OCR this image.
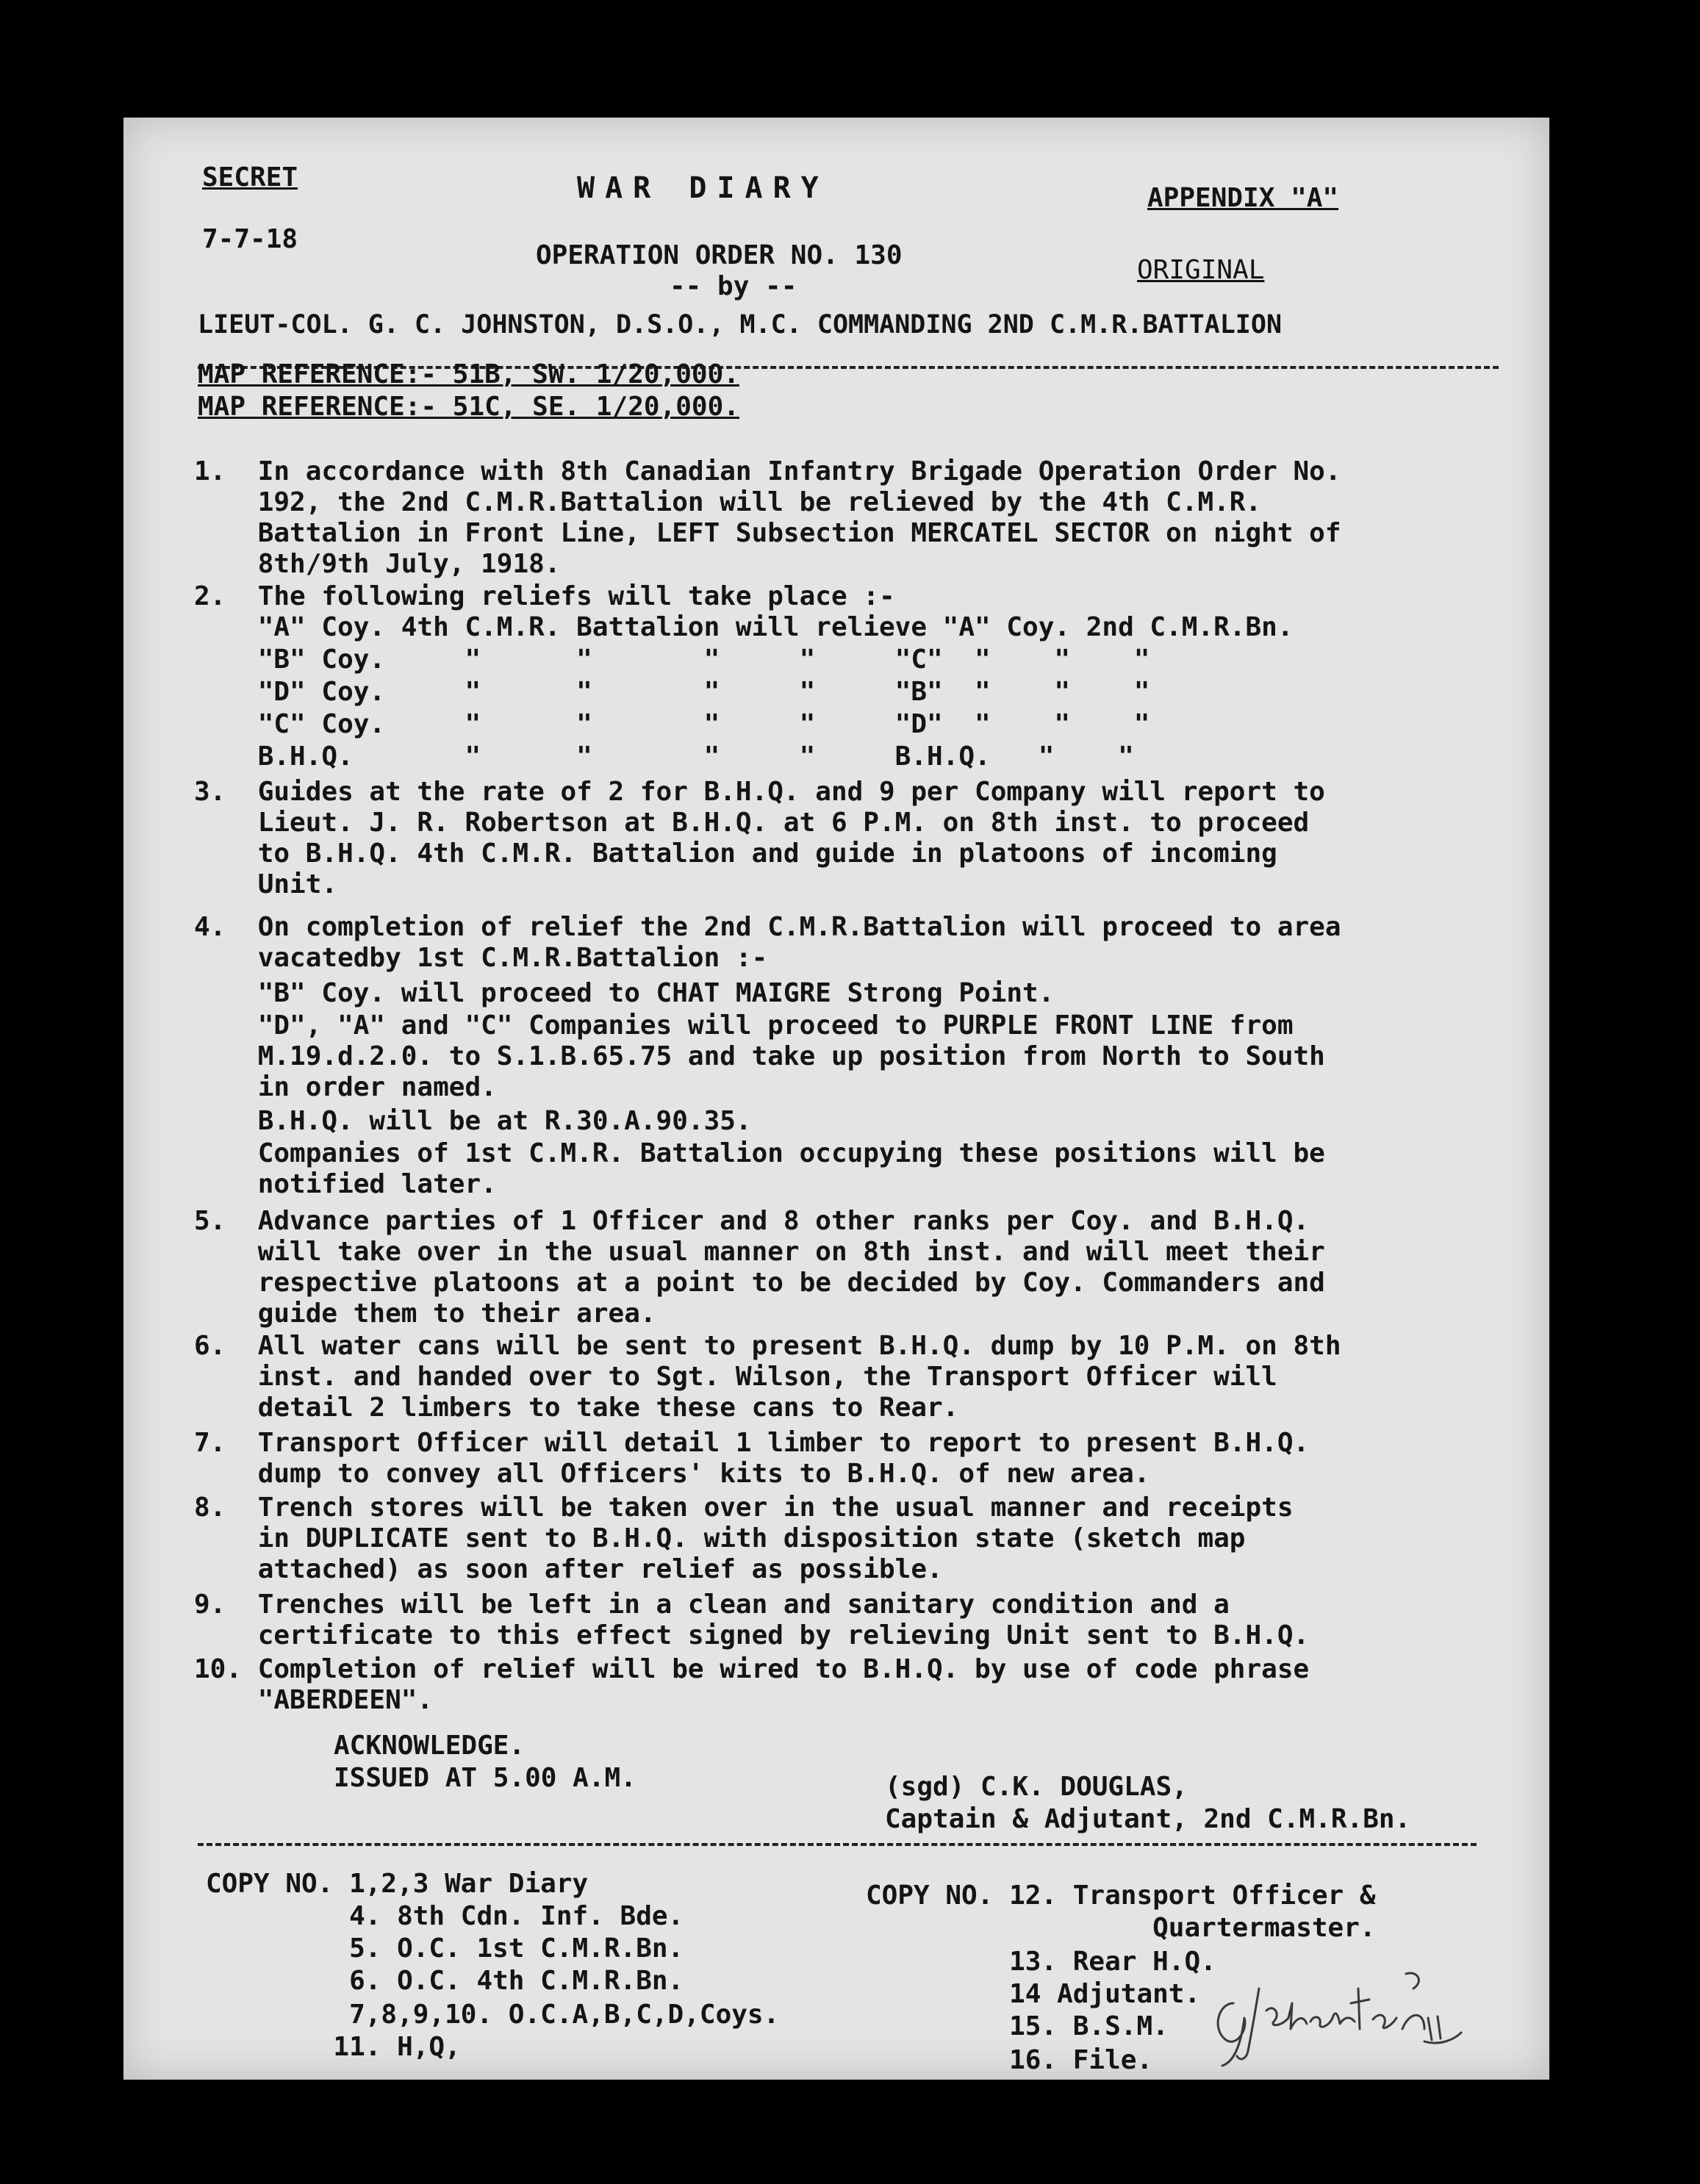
SECRET	WAR DIARY	APPENDIX "A"
7-7-18
OPERATION ORDER NO. 130	ORIGINAL
-- by --
LIEUT-COL. G. C. JOHNSTON, D.S.O., M.C. COMMANDING 2ND C.M.R.BATTALION
MAP REFERENCE:- 51B, SW. 1/20,000.
MAP REFERENCE:- 51C, SE. 1/20,000.
1.  In accordance with 8th Canadian Infantry Brigade Operation Order No.
192, the 2nd C.M.R.Battalion will be relieved by the 4th C.M.R.
Battalion in Front Line, LEFT Subsection MERCATEL SECTOR on night of
8th/9th July, 1918.
2.  The following reliefs will take place :-
"A" Coy. 4th C.M.R. Battalion will relieve "A" Coy. 2nd C.M.R.Bn.
"B" Coy.     "      "       "     "     "C"  "    "    "
"D" Coy.     "      "       "     "     "B"  "    "    "
"C" Coy.     "      "       "     "     "D"  "    "    "
B.H.Q.       "      "       "     "     B.H.Q.   "    "
3.  Guides at the rate of 2 for B.H.Q. and 9 per Company will report to
Lieut. J. R. Robertson at B.H.Q. at 6 P.M. on 8th inst. to proceed
to B.H.Q. 4th C.M.R. Battalion and guide in platoons of incoming
Unit.
4.  On completion of relief the 2nd C.M.R.Battalion will proceed to area
vacatedby 1st C.M.R.Battalion :-
"B" Coy. will proceed to CHAT MAIGRE Strong Point.
"D", "A" and "C" Companies will proceed to PURPLE FRONT LINE from
M.19.d.2.0. to S.1.B.65.75 and take up position from North to South
in order named.
B.H.Q. will be at R.30.A.90.35.
Companies of 1st C.M.R. Battalion occupying these positions will be
notified later.
5.  Advance parties of 1 Officer and 8 other ranks per Coy. and B.H.Q.
will take over in the usual manner on 8th inst. and will meet their
respective platoons at a point to be decided by Coy. Commanders and
guide them to their area.
6.  All water cans will be sent to present B.H.Q. dump by 10 P.M. on 8th
inst. and handed over to Sgt. Wilson, the Transport Officer will
detail 2 limbers to take these cans to Rear.
7.  Transport Officer will detail 1 limber to report to present B.H.Q.
dump to convey all Officers' kits to B.H.Q. of new area.
8.  Trench stores will be taken over in the usual manner and receipts
in DUPLICATE sent to B.H.Q. with disposition state (sketch map
attached) as soon after relief as possible.
9.  Trenches will be left in a clean and sanitary condition and a
certificate to this effect signed by relieving Unit sent to B.H.Q.
10. Completion of relief will be wired to B.H.Q. by use of code phrase
"ABERDEEN".
ACKNOWLEDGE.
ISSUED AT 5.00 A.M.	(sgd) C.K. DOUGLAS,
Captain & Adjutant, 2nd C.M.R.Bn.
COPY NO. 1,2,3 War Diary
4. 8th Cdn. Inf. Bde.
5. O.C. 1st C.M.R.Bn.
6. O.C. 4th C.M.R.Bn.
7,8,9,10. O.C.A,B,C,D,Coys.
11. H,Q,
COPY NO. 12. Transport Officer &
Quartermaster.
13. Rear H.Q.
14 Adjutant.
15. B.S.M.
16. File.
